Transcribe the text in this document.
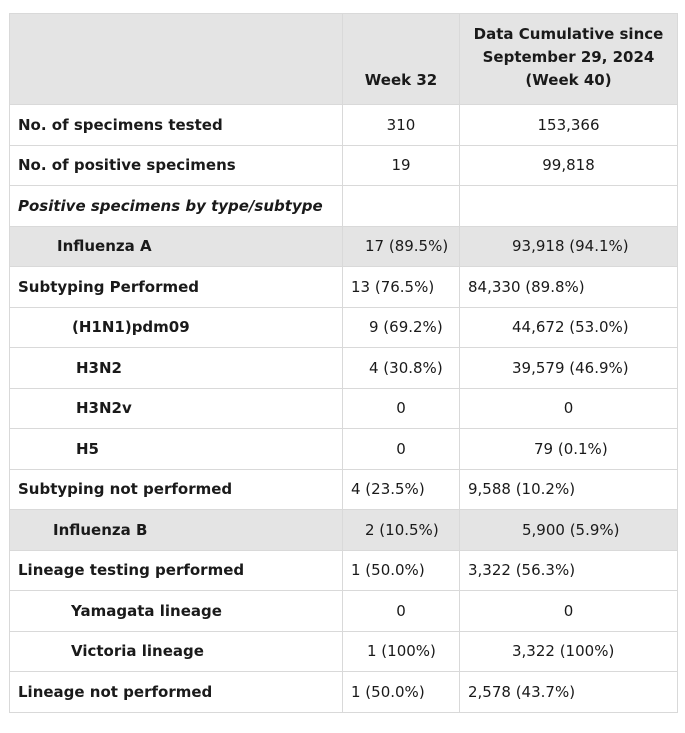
	Week 32	Data Cumulative since
September 29, 2024
(Week 40)
No. of specimens tested	310	153,366
No. of positive specimens	19	99,818
Positive specimens by type/subtype		
Influenza A	17 (89.5%)	93,918 (94.1%)
Subtyping Performed	13 (76.5%)	84,330 (89.8%)
(H1N1)pdm09	9 (69.2%)	44,672 (53.0%)
H3N2	4 (30.8%)	39,579 (46.9%)
H3N2v	0	0
H5	0	79 (0.1%)
Subtyping not performed	4 (23.5%)	9,588 (10.2%)
Influenza B	2 (10.5%)	5,900 (5.9%)
Lineage testing performed	1 (50.0%)	3,322 (56.3%)
Yamagata lineage	0	0
Victoria lineage	1 (100%)	3,322 (100%)
Lineage not performed	1 (50.0%)	2,578 (43.7%)
